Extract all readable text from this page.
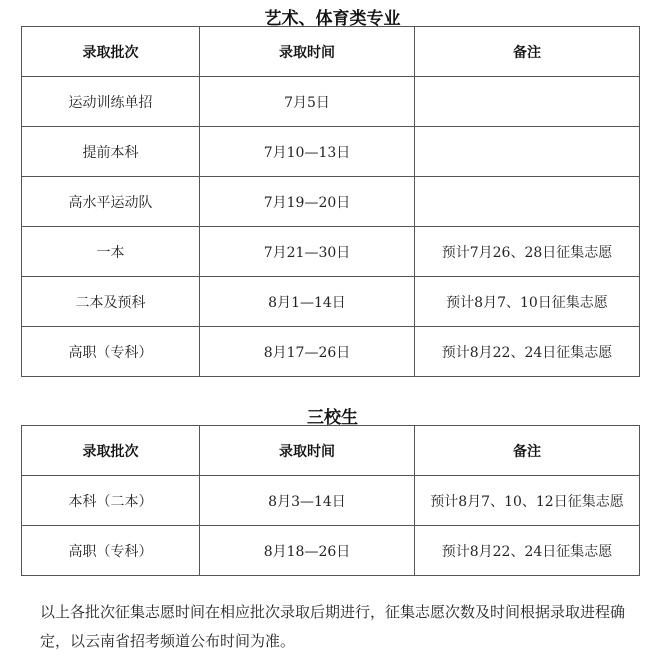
艺术、体育类专业
录取批次	录取时间	备注
运动训练单招	7月5日	
提前本科	7月10—13日	
高水平运动队	7月19—20日	
一本	7月21—30日	预计7月26、28日征集志愿
二本及预科	8月1—14日	预计8月7、10日征集志愿
高职（专科）	8月17—26日	预计8月22、24日征集志愿
三校生
录取批次	录取时间	备注
本科（二本）	8月3—14日	预计8月7、10、12日征集志愿
高职（专科）	8月18—26日	预计8月22、24日征集志愿
以上各批次征集志愿时间在相应批次录取后期进行，征集志愿次数及时间根据录取进程确定，以云南省招考频道公布时间为准。
